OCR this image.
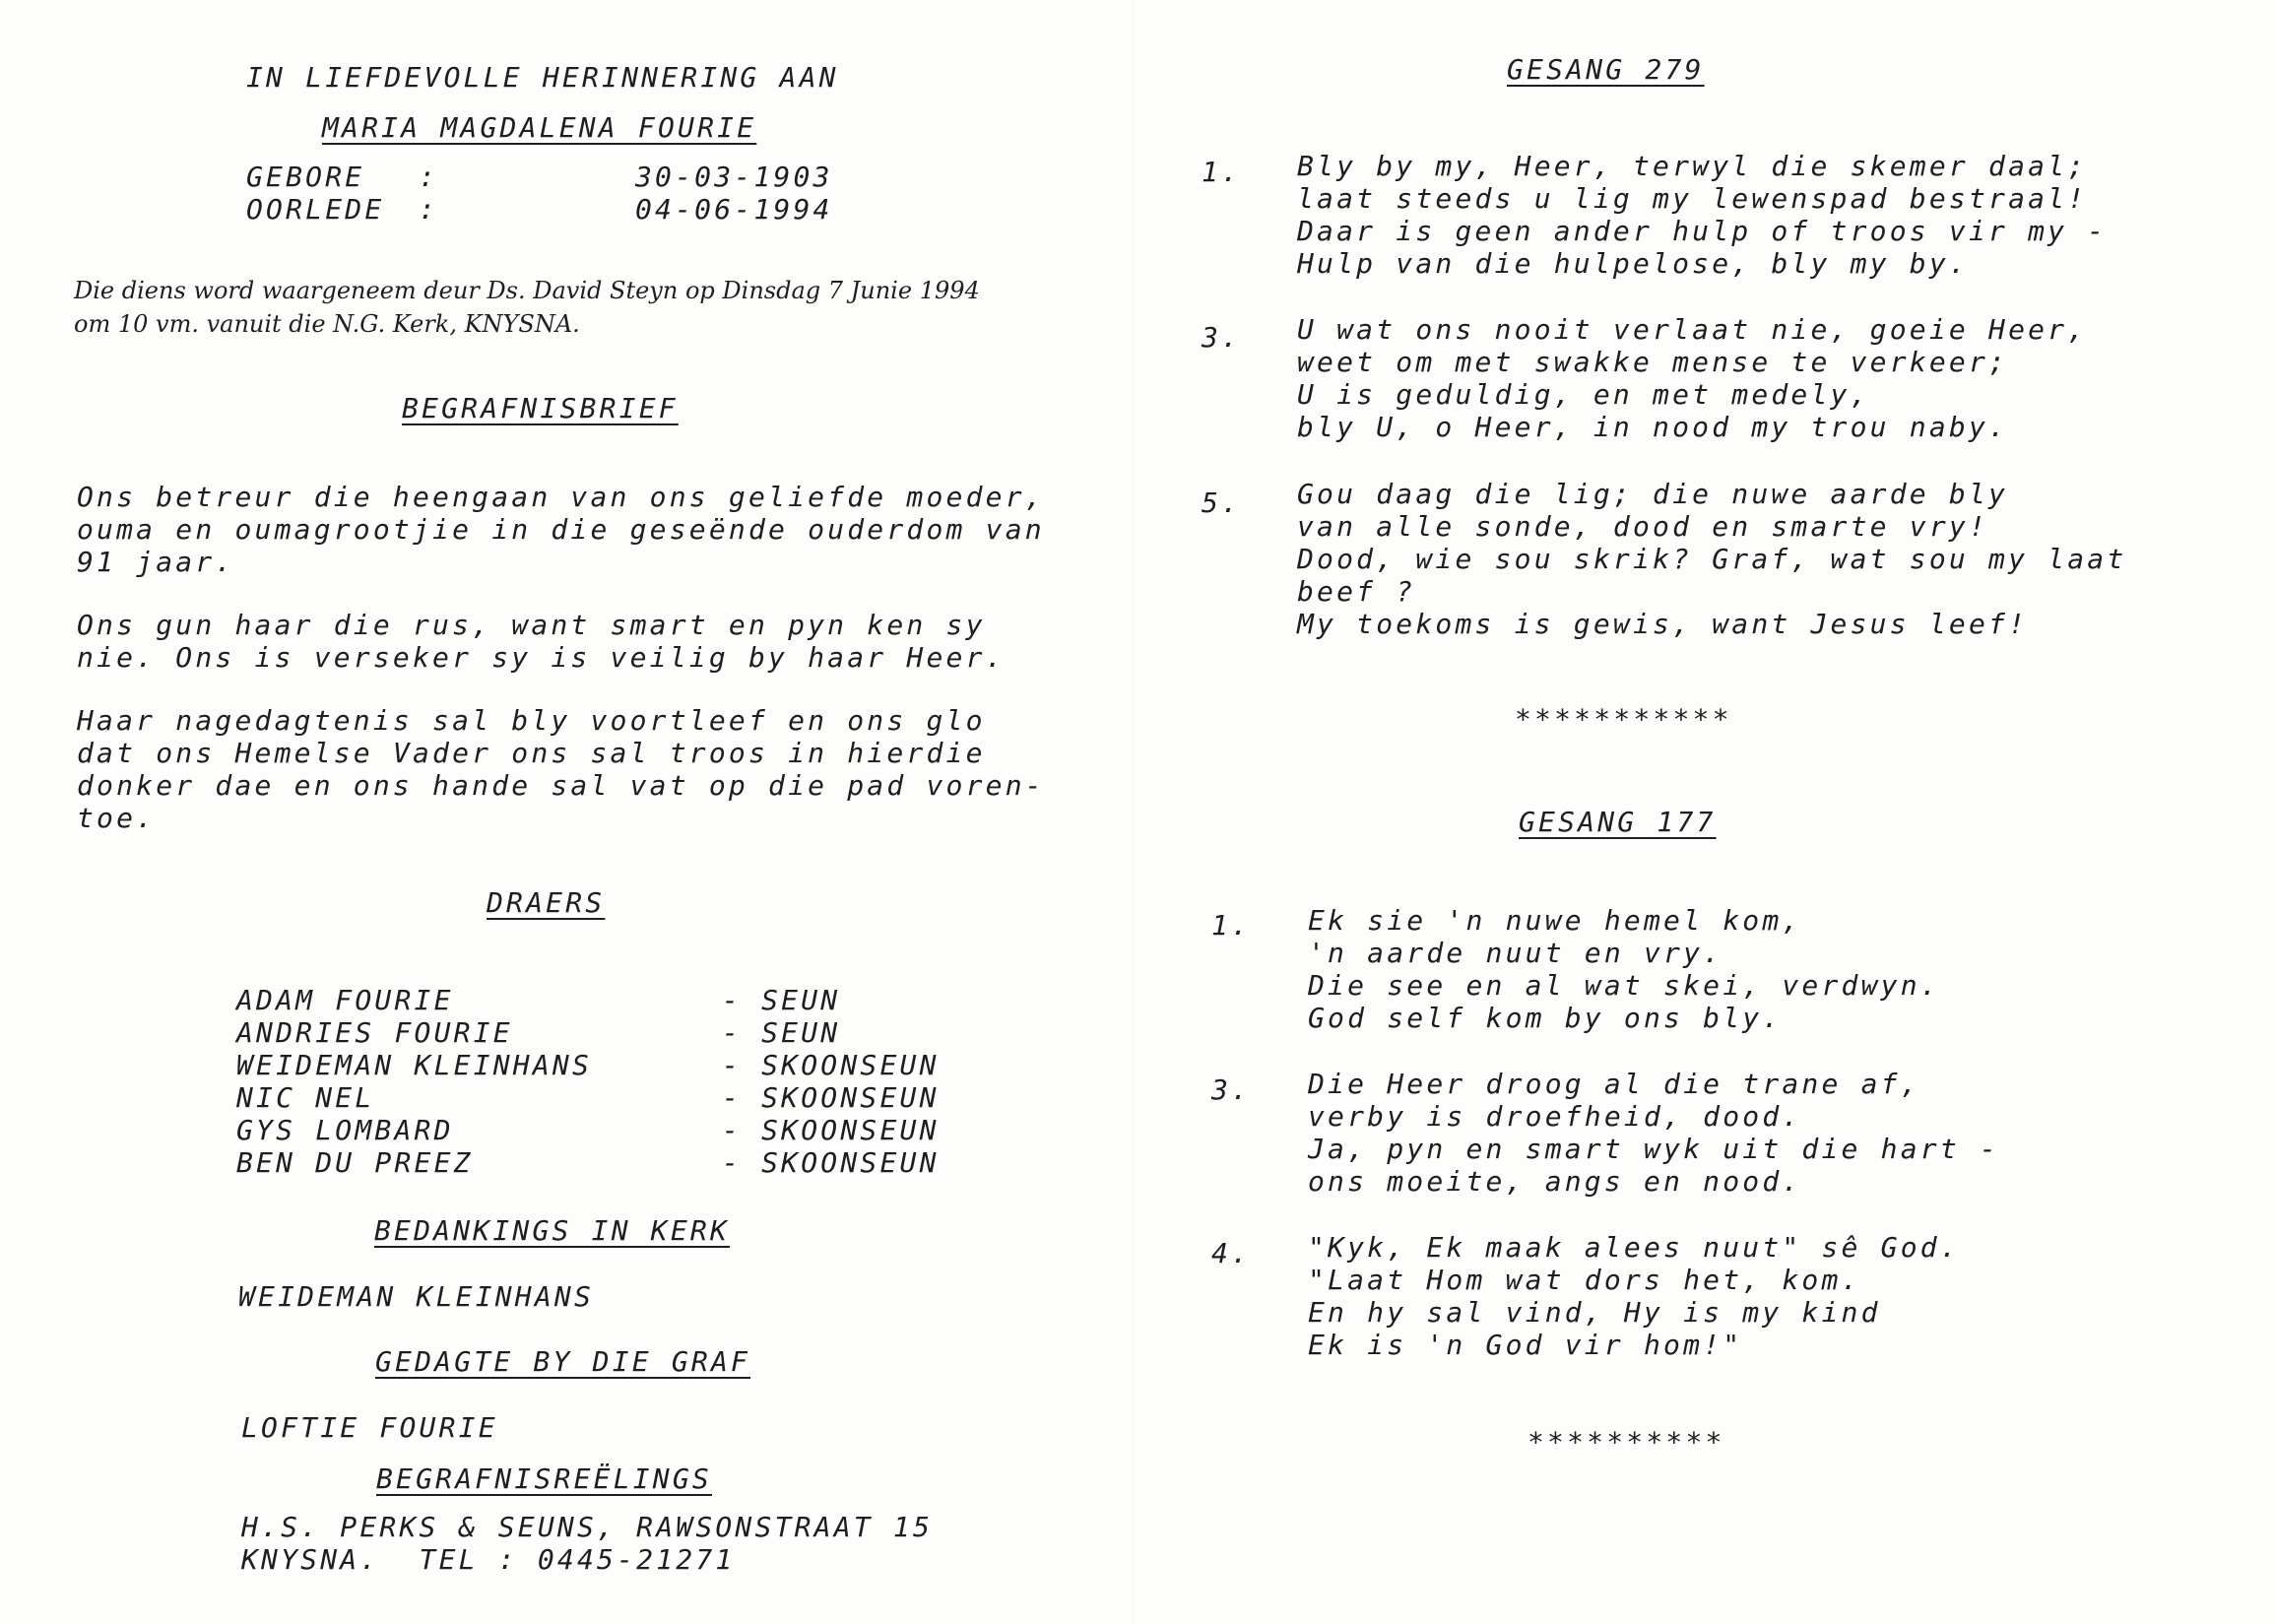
IN LIEFDEVOLLE HERINNERING AAN
MARIA MAGDALENA FOURIE
GEBORE :	30-03-1903
OORLEDE :	04-06-1994
Die diens word waargeneem deur Ds. David Steyn op Dinsdag 7 Junie 1994
om 10 vm. vanuit die N.G. Kerk, KNYSNA.
BEGRAFNISBRIEF
Ons betreur die heengaan van ons geliefde moeder,
ouma en oumagrootjie in die geseënde ouderdom van
91 jaar.
Ons gun haar die rus, want smart en pyn ken sy
nie. Ons is verseker sy is veilig by haar Heer.
Haar nagedagtenis sal bly voortleef en ons glo
dat ons Hemelse Vader ons sal troos in hierdie
donker dae en ons hande sal vat op die pad voren-
toe.
DRAERS
ADAM FOURIE	- SEUN
ANDRIES FOURIE	- SEUN
WEIDEMAN KLEINHANS	- SKOONSEUN
NIC NEL	- SKOONSEUN
GYS LOMBARD	- SKOONSEUN
BEN DU PREEZ	- SKOONSEUN
BEDANKINGS IN KERK
WEIDEMAN KLEINHANS
GEDAGTE BY DIE GRAF
LOFTIE FOURIE
BEGRAFNISREËLINGS
H.S. PERKS & SEUNS, RAWSONSTRAAT 15
KNYSNA.  TEL : 0445-21271
GESANG 279
1. Bly by my, Heer, terwyl die skemer daal;
laat steeds u lig my lewenspad bestraal!
Daar is geen ander hulp of troos vir my -
Hulp van die hulpelose, bly my by.
3. U wat ons nooit verlaat nie, goeie Heer,
weet om met swakke mense te verkeer;
U is geduldig, en met medely,
bly U, o Heer, in nood my trou naby.
5. Gou daag die lig; die nuwe aarde bly
van alle sonde, dood en smarte vry!
Dood, wie sou skrik? Graf, wat sou my laat
beef ?
My toekoms is gewis, want Jesus leef!
***********
GESANG 177
1. Ek sie 'n nuwe hemel kom,
'n aarde nuut en vry.
Die see en al wat skei, verdwyn.
God self kom by ons bly.
3. Die Heer droog al die trane af,
verby is droefheid, dood.
Ja, pyn en smart wyk uit die hart -
ons moeite, angs en nood.
4. "Kyk, Ek maak alees nuut" sê God.
"Laat Hom wat dors het, kom.
En hy sal vind, Hy is my kind
Ek is 'n God vir hom!"
**********
